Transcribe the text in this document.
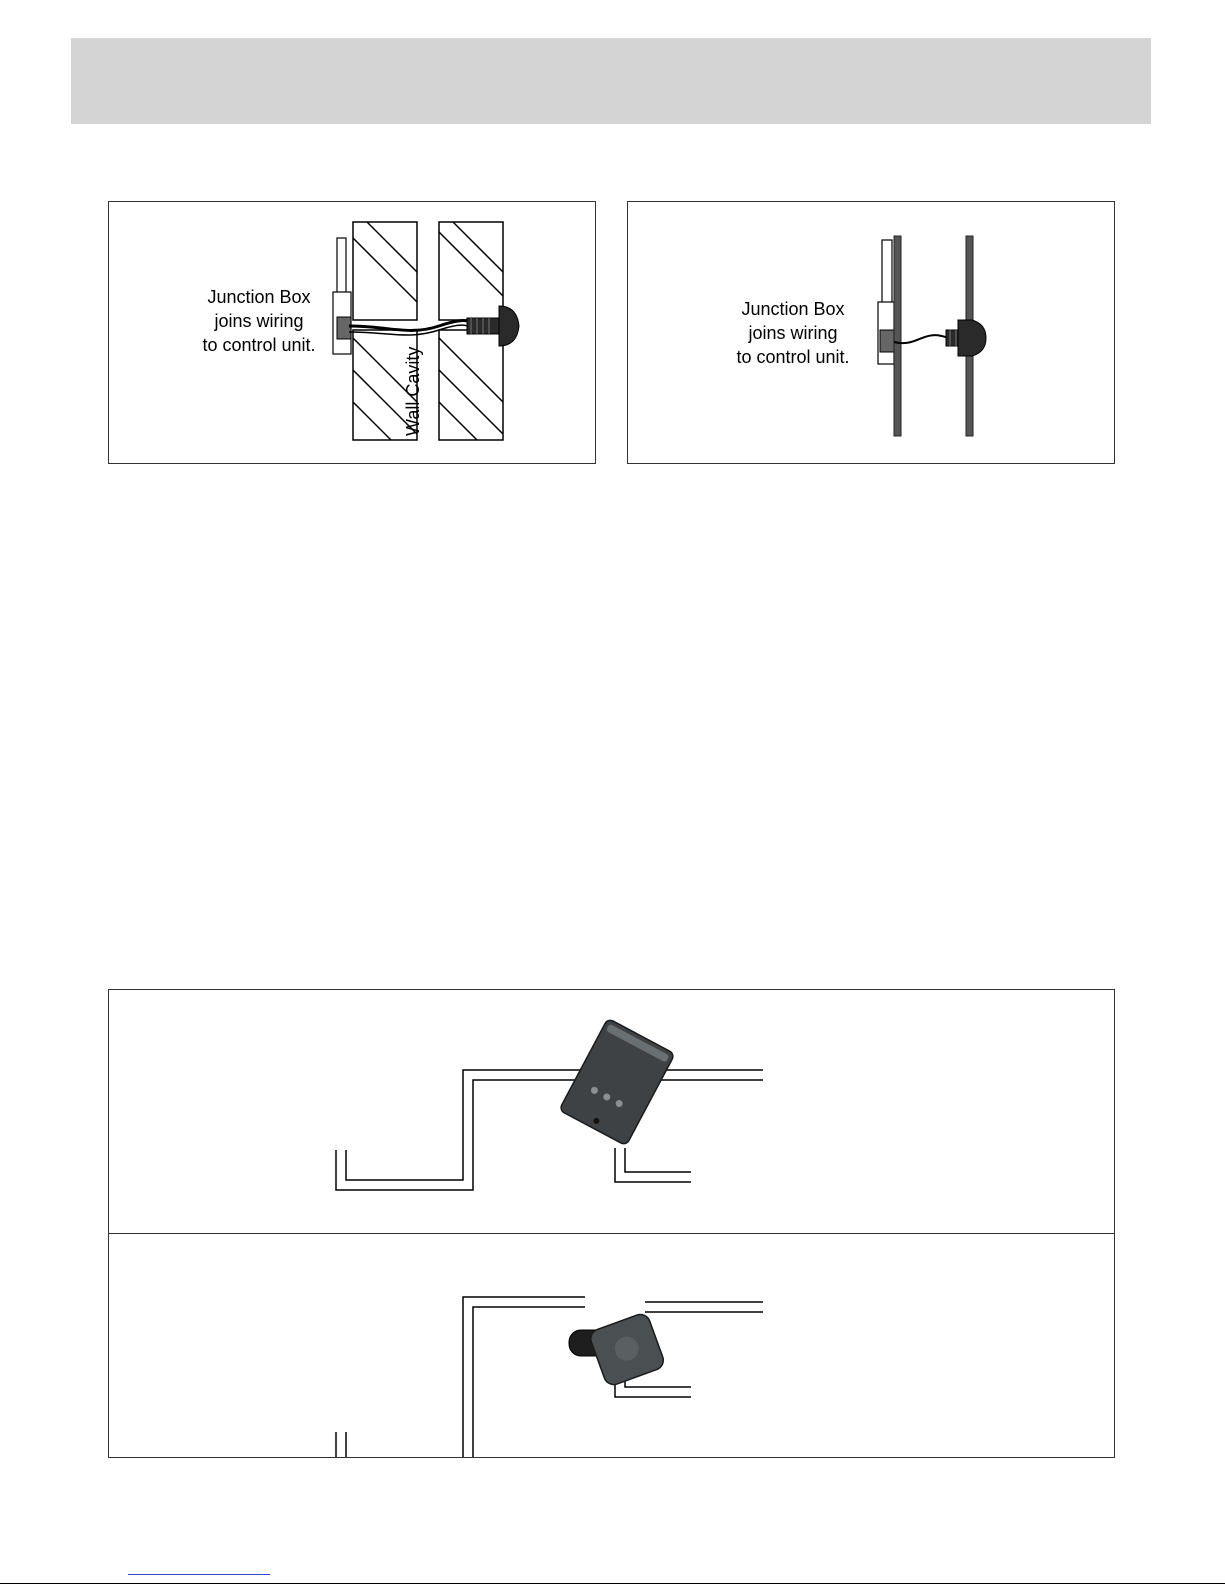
Junction Box
joins wiring
to control unit.
Wall Cavity
Junction Box
joins wiring
to control unit.
